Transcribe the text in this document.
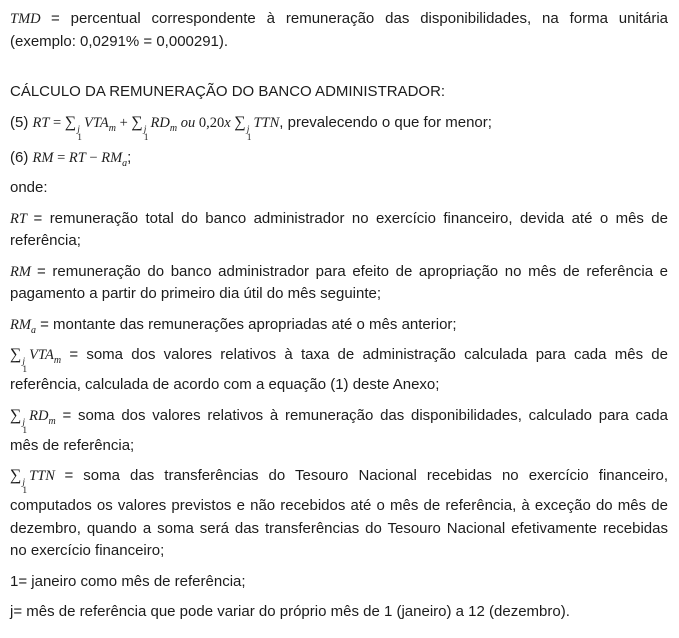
TMD = percentual correspondente à remuneração das disponibilidades, na forma unitária (exemplo: 0,0291% = 0,000291).

CÁLCULO DA REMUNERAÇÃO DO BANCO ADMINISTRADOR:

(5) RT = ∑ j
1
$VTA_m$ + ∑ j
1
$RD_m$ ou 0,20x ∑ j
1
TTN, prevalecendo o que for menor;

(6) RM = RT − $RM_a$;

onde:

RT = remuneração total do banco administrador no exercício financeiro, devida até o mês de referência;

RM = remuneração do banco administrador para efeito de apropriação no mês de referência e pagamento a partir do primeiro dia útil do mês seguinte;

$RM_a$ = montante das remunerações apropriadas até o mês anterior;

∑ j
1
$VTA_m$ = soma dos valores relativos à taxa de administração calculada para cada mês de referência, calculada de acordo com a equação (1) deste Anexo;

∑ j
1
$RD_m$ = soma dos valores relativos à remuneração das disponibilidades, calculado para cada mês de referência;

∑ j
1
TTN = soma das transferências do Tesouro Nacional recebidas no exercício financeiro, computados os valores previstos e não recebidos até o mês de referência, à exceção do mês de dezembro, quando a soma será das transferências do Tesouro Nacional efetivamente recebidas no exercício financeiro;

1= janeiro como mês de referência;

j= mês de referência que pode variar do próprio mês de 1 (janeiro) a 12 (dezembro).
